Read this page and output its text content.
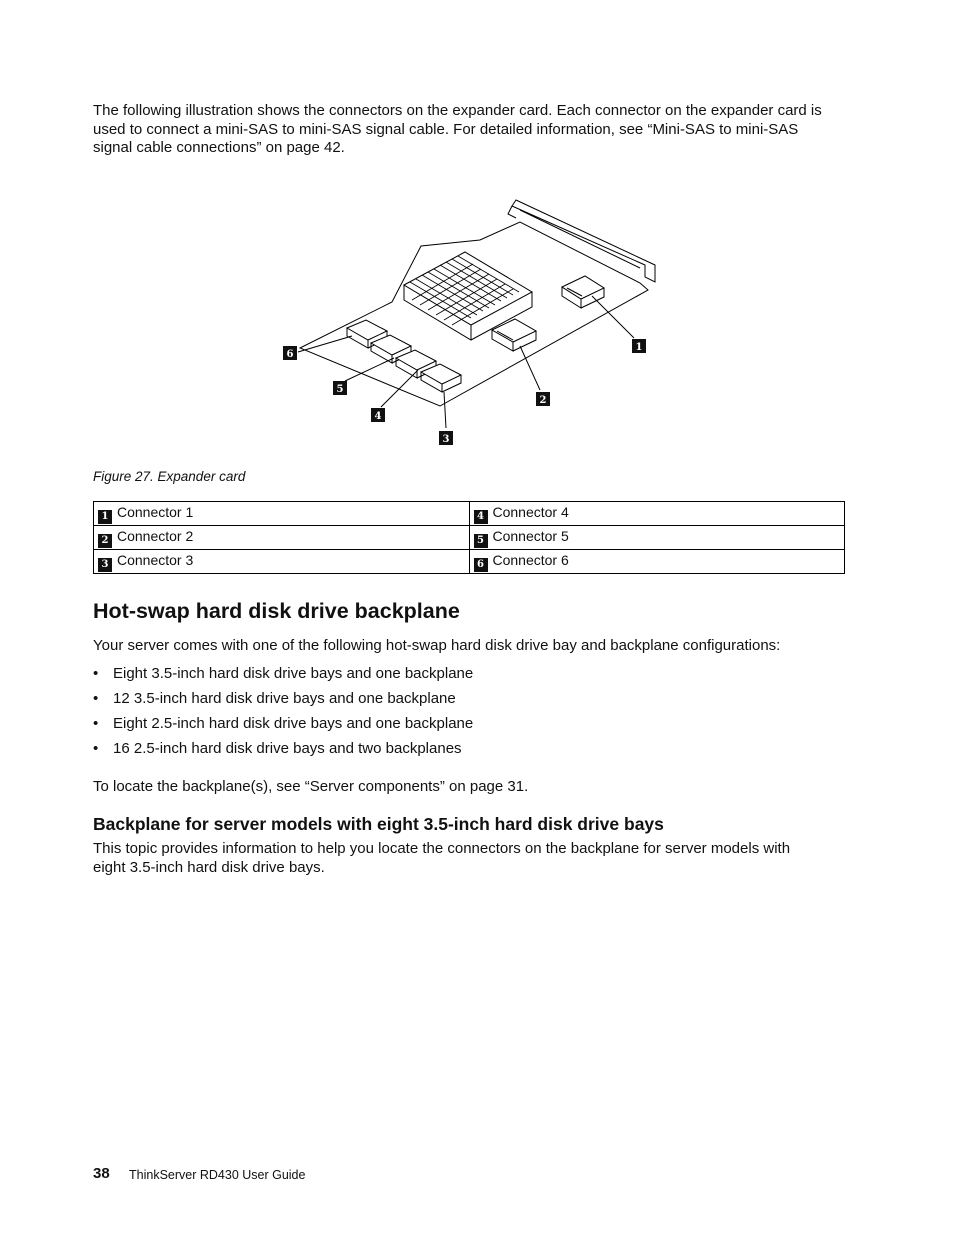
The following illustration shows the connectors on the expander card. Each connector on the expander card is used to connect a mini-SAS to mini-SAS signal cable. For detailed information, see “Mini-SAS to mini-SAS signal cable connections” on page 42.

1
2
3
4
5
6

Figure 27. Expander card

1 Connector 1	4 Connector 4
2 Connector 2	5 Connector 5
3 Connector 3	6 Connector 6
Hot-swap hard disk drive backplane

Your server comes with one of the following hot-swap hard disk drive bay and backplane configurations:

• Eight 3.5-inch hard disk drive bays and one backplane
• 12 3.5-inch hard disk drive bays and one backplane
• Eight 2.5-inch hard disk drive bays and one backplane
• 16 2.5-inch hard disk drive bays and two backplanes

To locate the backplane(s), see “Server components” on page 31.

Backplane for server models with eight 3.5-inch hard disk drive bays

This topic provides information to help you locate the connectors on the backplane for server models with eight 3.5-inch hard disk drive bays.

38 ThinkServer RD430 User Guide
